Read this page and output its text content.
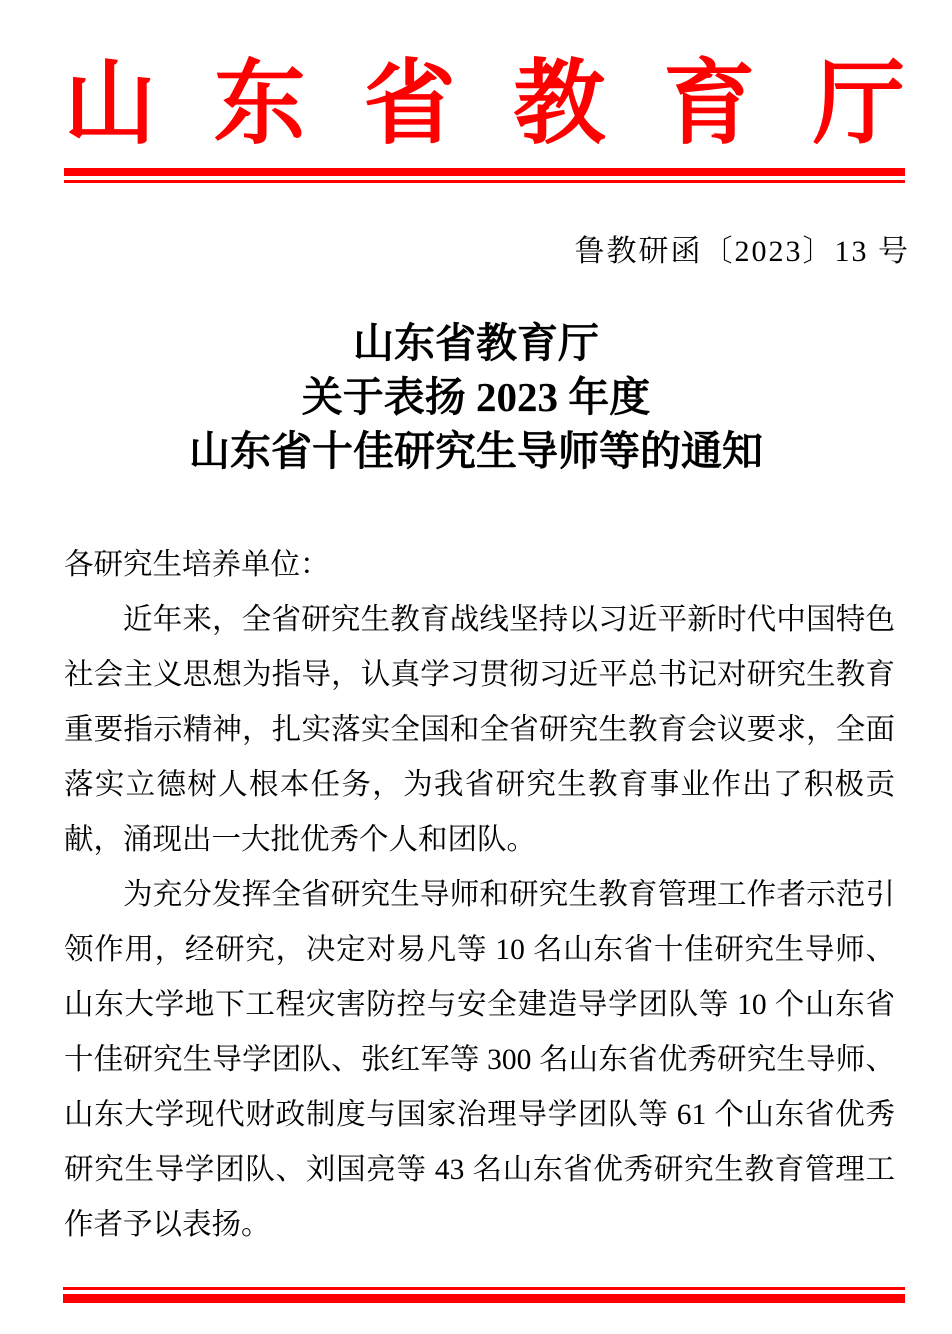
山 东 省 教 育 厅
鲁教研函〔2023〕13 号
山东省教育厅
关于表扬 2023 年度
山东省十佳研究生导师等的通知
各研究生培养单位：

近年来，全省研究生教育战线坚持以习近平新时代中国特色社会主义思想为指导，认真学习贯彻习近平总书记对研究生教育重要指示精神，扎实落实全国和全省研究生教育会议要求，全面落实立德树人根本任务，为我省研究生教育事业作出了积极贡献，涌现出一大批优秀个人和团队。

为充分发挥全省研究生导师和研究生教育管理工作者示范引领作用，经研究，决定对易凡等 10 名山东省十佳研究生导师、山东大学地下工程灾害防控与安全建造导学团队等 10 个山东省十佳研究生导学团队、张红军等 300 名山东省优秀研究生导师、山东大学现代财政制度与国家治理导学团队等 61 个山东省优秀研究生导学团队、刘国亮等 43 名山东省优秀研究生教育管理工作者予以表扬。
